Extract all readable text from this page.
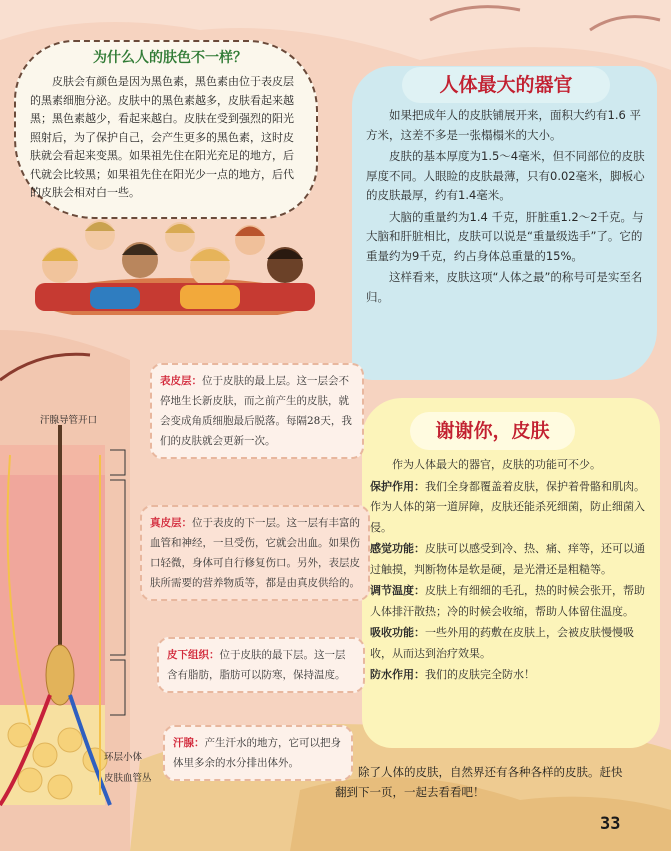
为什么人的肤色不一样？
皮肤会有颜色是因为黑色素，黑色素由位于表皮层的黑素细胞分泌。皮肤中的黑色素越多，皮肤看起来越黑；黑色素越少，看起来越白。皮肤在受到强烈的阳光照射后，为了保护自己，会产生更多的黑色素，这时皮肤就会看起来变黑。如果祖先住在阳光充足的地方，后代就会比较黑；如果祖先住在阳光少一点的地方，后代的皮肤会相对白一些。
人体最大的器官

如果把成年人的皮肤铺展开来，面积大约有1.6 平方米，这差不多是一张榻榻米的大小。

皮肤的基本厚度为1.5～4毫米，但不同部位的皮肤厚度不同。人眼睑的皮肤最薄，只有0.02毫米，脚板心的皮肤最厚，约有1.4毫米。

大脑的重量约为1.4 千克，肝脏重1.2～2千克。与大脑和肝脏相比，皮肤可以说是“重量级选手”了。它的重量约为9千克，约占身体总重量的15%。

这样看来，皮肤这项“人体之最”的称号可是实至名归。

谢谢你，皮肤

作为人体最大的器官，皮肤的功能可不少。

保护作用：我们全身都覆盖着皮肤，保护着骨骼和肌肉。作为人体的第一道屏障，皮肤还能杀死细菌，防止细菌入侵。

感觉功能：皮肤可以感受到冷、热、痛、痒等，还可以通过触摸，判断物体是软是硬，是光滑还是粗糙等。

调节温度：皮肤上有细细的毛孔，热的时候会张开，帮助人体排汗散热；冷的时候会收缩，帮助人体留住温度。

吸收功能：一些外用的药敷在皮肤上，会被皮肤慢慢吸收，从而达到治疗效果。

防水作用：我们的皮肤完全防水！

除了人体的皮肤，自然界还有各种各样的皮肤。赶快翻到下一页，一起去看看吧！
33
汗腺导管开口
环层小体
皮肤血管丛
表皮层：位于皮肤的最上层。这一层会不停地生长新皮肤，而之前产生的皮肤，就会变成角质细胞最后脱落。每隔28天，我们的皮肤就会更新一次。
真皮层：位于表皮的下一层。这一层有丰富的血管和神经，一旦受伤，它就会出血。如果伤口轻微，身体可自行修复伤口。另外，表层皮肤所需要的营养物质等，都是由真皮供给的。
皮下组织：位于皮肤的最下层。这一层含有脂肪，脂肪可以防寒，保持温度。
汗腺：产生汗水的地方，它可以把身体里多余的水分排出体外。
